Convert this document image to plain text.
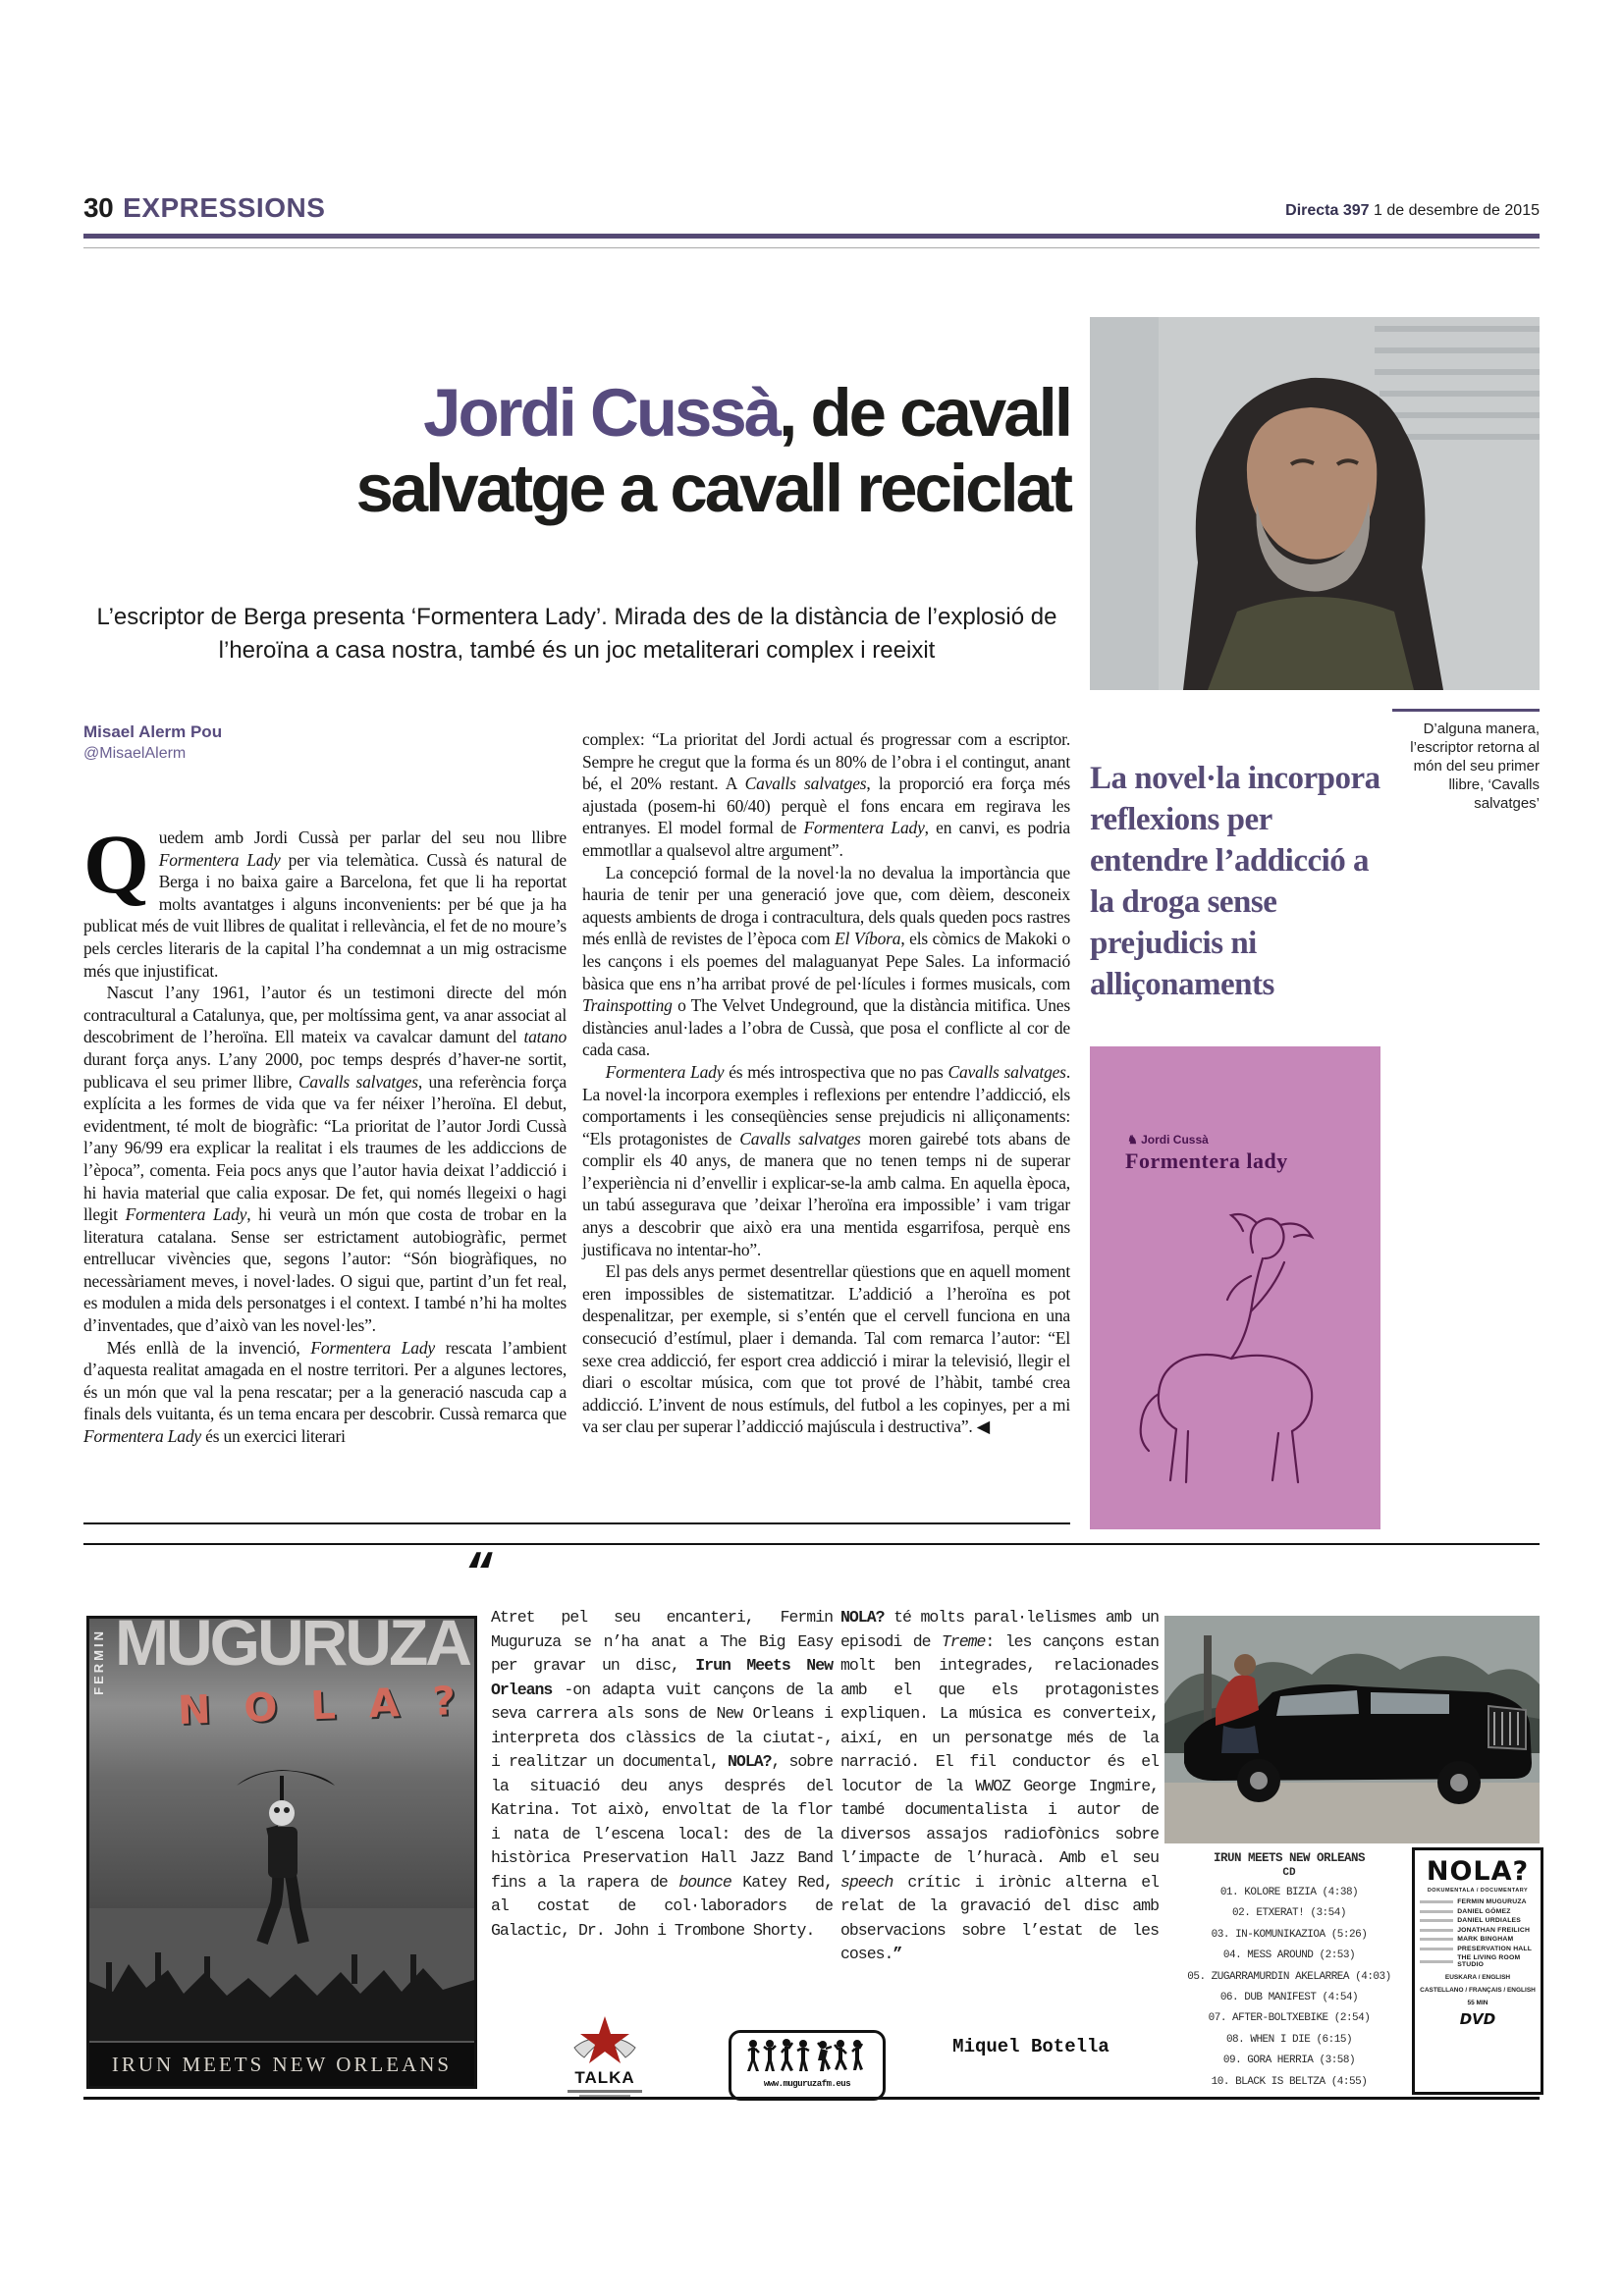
30 EXPRESSIONS	Directa 397 1 de desembre de 2015
Jordi Cussà, de cavall
salvatge a cavall reciclat
L’escriptor de Berga presenta ‘Formentera Lady’. Mirada des de la distància de l’explosió de l’heroïna a casa nostra, també és un joc metaliterari complex i reeixit
D’alguna manera, l’escriptor retorna al món del seu primer llibre, ‘Cavalls salvatges’
La novel·la incorpora reflexions per entendre l’addicció a la droga sense prejudicis ni alliçonaments
Misael Alerm Pou
@MisaelAlerm
Q uedem amb Jordi Cussà per parlar del seu nou llibre Formentera Lady per via telemàtica. Cussà és natural de Berga i no baixa gaire a Barcelona, fet que li ha reportat molts avantatges i alguns inconvenients: per bé que ja ha publicat més de vuit llibres de qualitat i rellevància, el fet de no moure’s pels cercles literaris de la capital l’ha condemnat a un mig ostracisme més que injustificat.

Nascut l’any 1961, l’autor és un testimoni directe del món contracultural a Catalunya, que, per moltíssima gent, va anar associat al descobriment de l’heroïna. Ell mateix va cavalcar damunt del tatano durant força anys. L’any 2000, poc temps després d’haver-ne sortit, publicava el seu primer llibre, Cavalls salvatges, una referència força explícita a les formes de vida que va fer néixer l’heroïna. El debut, evidentment, té molt de biogràfic: “La prioritat de l’autor Jordi Cussà l’any 96/99 era explicar la realitat i els traumes de les addiccions de l’època”, comenta. Feia pocs anys que l’autor havia deixat l’addicció i hi havia material que calia exposar. De fet, qui només llegeixi o hagi llegit Formentera Lady, hi veurà un món que costa de trobar en la literatura catalana. Sense ser estrictament autobiogràfic, permet entrellucar vivències que, segons l’autor: “Són biogràfiques, no necessàriament meves, i novel·lades. O sigui que, partint d’un fet real, es modulen a mida dels personatges i el context. I també n’hi ha moltes d’inventades, que d’això van les novel·les”.

Més enllà de la invenció, Formentera Lady rescata l’ambient d’aquesta realitat amagada en el nostre territori. Per a algunes lectores, és un món que val la pena rescatar; per a la generació nascuda cap a finals dels vuitanta, és un tema encara per descobrir. Cussà remarca que Formentera Lady és un exercici literari

complex: “La prioritat del Jordi actual és progressar com a escriptor. Sempre he cregut que la forma és un 80% de l’obra i el contingut, anant bé, el 20% restant. A Cavalls salvatges, la proporció era força més ajustada (posem-hi 60/40) perquè el fons encara em regirava les entranyes. El model formal de Formentera Lady, en canvi, es podria emmotllar a qualsevol altre argument”.

La concepció formal de la novel·la no devalua la importància que hauria de tenir per una generació jove que, com dèiem, desconeix aquests ambients de droga i contracultura, dels quals queden pocs rastres més enllà de revistes de l’època com El Víbora, els còmics de Makoki o les cançons i els poemes del malaguanyat Pepe Sales. La informació bàsica que ens n’ha arribat prové de pel·lícules i formes musicals, com Trainspotting o The Velvet Undeground, que la distància mitifica. Unes distàncies anul·lades a l’obra de Cussà, que posa el conflicte al cor de cada casa.

Formentera Lady és més introspectiva que no pas Cavalls salvatges. La novel·la incorpora exemples i reflexions per entendre l’addicció, els comportaments i les conseqüències sense prejudicis ni alliçonaments: “Els protagonistes de Cavalls salvatges moren gairebé tots abans de complir els 40 anys, de manera que no tenen temps ni de superar l’experiència ni d’envellir i explicar-se-la amb calma. En aquella època, un tabú assegurava que ’deixar l’heroïna era impossible’ i vam trigar anys a descobrir que això era una mentida esgarrifosa, perquè ens justificava no intentar-ho”.

El pas dels anys permet desentrellar qüestions que en aquell moment eren impossibles de sistematitzar. L’addició a l’heroïna es pot despenalitzar, per exemple, si s’entén que el cervell funciona en una consecució d’estímul, plaer i demanda. Tal com remarca l’autor: “El sexe crea addicció, fer esport crea addicció i mirar la televisió, llegir el diari o escoltar música, com que tot prové de l’hàbit, també crea addicció. L’invent de nous estímuls, del futbol a les copinyes, per a mi va ser clau per superar l’addicció majúscula i destructiva”. ◀

♞ Jordi Cussà
Formentera lady
MUGURUZA
FERMIN
N O L A ?
IRUN MEETS NEW ORLEANS
“

Atret pel seu encanteri, Fermin Muguruza se n’ha anat a The Big Easy per gravar un disc, Irun Meets New Orleans -on adapta vuit cançons de la seva carrera als sons de New Orleans i interpreta dos clàssics de la ciutat-, i realitzar un documental, NOLA?, sobre la situació deu anys després del Katrina. Tot això, envoltat de la flor i nata de l’escena local: des de la històrica Preservation Hall Jazz Band fins a la rapera de bounce Katey Red, al costat de col·laboradors de Galactic, Dr. John i Trombone Shorty.

NOLA? té molts paral·lelismes amb un episodi de Treme: les cançons estan molt ben integrades, relacionades amb el que els protagonistes expliquen. La música es converteix, així, en un personatge més de la narració. El fil conductor és el locutor de la WWOZ George Ingmire, també documentalista i autor de diversos assajos radiofònics sobre l’impacte de l’huracà. Amb el seu speech crític i irònic alterna el relat de la gravació del disc amb observacions sobre l’estat de les coses.”

Miquel Botella
TALKA	www.muguruzafm.eus
IRUN MEETS NEW ORLEANS
CD
01. KOLORE BIZIA (4:38)
02. ETXERAT! (3:54)
03. IN-KOMUNIKAZIOA (5:26)
04. MESS AROUND (2:53)
05. ZUGARRAMURDIN AKELARREA (4:03)
06. DUB MANIFEST (4:54)
07. AFTER-BOLTXEBIKE (2:54)
08. WHEN I DIE (6:15)
09. GORA HERRIA (3:58)
10. BLACK IS BELTZA (4:55)
NOLA?
DOKUMENTALA / DOCUMENTARY
FERMIN MUGURUZA
DANIEL GÓMEZ
DANIEL URDIALES
JONATHAN FREILICH
MARK BINGHAM
PRESERVATION HALL
THE LIVING ROOM STUDIO
EUSKARA / ENGLISH
CASTELLANO / FRANÇAIS / ENGLISH
55 MIN
DVD
